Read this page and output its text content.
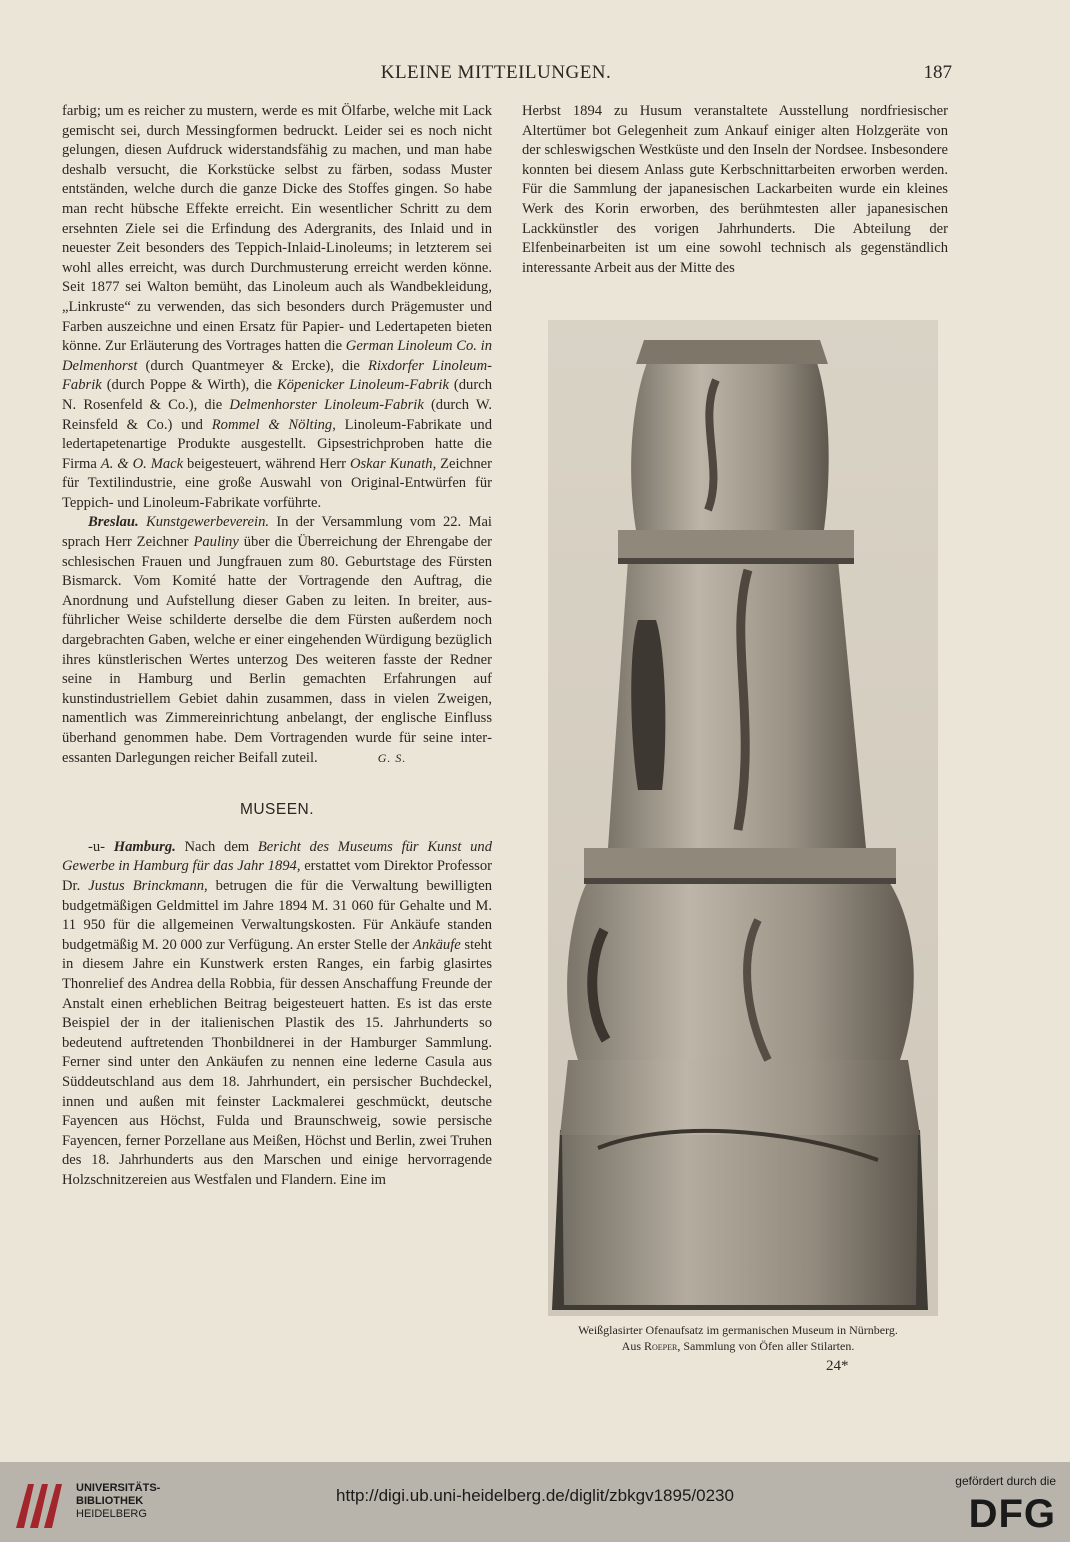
KLEINE MITTEILUNGEN.	187

farbig; um es reicher zu mustern, werde es mit Ölfarbe, welche mit Lack gemischt sei, durch Messingformen bedruckt. Leider sei es noch nicht gelungen, diesen Aufdruck widerstandsfähig zu machen, und man habe deshalb versucht, die Korkstücke selbst zu färben, sodass Muster entständen, welche durch die ganze Dicke des Stoffes gingen. So habe man recht hübsche Effekte erreicht. Ein wesentlicher Schritt zu dem ersehnten Ziele sei die Erfindung des Adergranits, des Inlaid und in neuester Zeit besonders des Teppich-Inlaid-Linoleums; in letzterem sei wohl alles erreicht, was durch Durchmusterung erreicht werden könne. Seit 1877 sei Walton bemüht, das Linoleum auch als Wandbekleidung, „Linkruste“ zu verwenden, das sich besonders durch Prägemuster und Farben auszeichne und einen Ersatz für Papier- und Ledertapeten bieten könne. Zur Erläuterung des Vortrages hatten die German Linoleum Co. in Delmenhorst (durch Quantmeyer & Ercke), die Rixdorfer Linoleum-Fabrik (durch Poppe & Wirth), die Köpenicker Linoleum-Fabrik (durch N. Rosenfeld & Co.), die Delmenhorster Linoleum-Fabrik (durch W. Reinsfeld & Co.) und Rommel & Nölting, Linoleum-Fabrikate und ledertapetenartige Produkte ausgestellt. Gipsestrichproben hatte die Firma A. & O. Mack beigesteuert, während Herr Oskar Kunath, Zeichner für Textilindustrie, eine große Auswahl von Original-Entwürfen für Teppich- und Linoleum-Fabrikate vorführte.

Breslau. Kunstgewerbeverein. In der Versammlung vom 22. Mai sprach Herr Zeichner Pauliny über die Überreichung der Ehrengabe der schlesischen Frauen und Jungfrauen zum 80. Geburtstage des Fürsten Bismarck. Vom Komité hatte der Vortragende den Auftrag, die Anordnung und Aufstellung dieser Gaben zu leiten. In breiter, ausführlicher Weise schilderte derselbe die dem Fürsten außerdem noch dargebrachten Gaben, welche er einer eingehenden Würdigung bezüglich ihres künstlerischen Wertes unterzog Des weiteren fasste der Redner seine in Hamburg und Berlin gemachten Erfahrungen auf kunstindustriellem Gebiet dahin zusammen, dass in vielen Zweigen, namentlich was Zimmereinrichtung anbelangt, der englische Einfluss überhand genommen habe. Dem Vortragenden wurde für seine interessanten Darlegungen reicher Beifall zuteil.	G. S.

MUSEEN.

-u- Hamburg. Nach dem Bericht des Museums für Kunst und Gewerbe in Hamburg für das Jahr 1894, erstattet vom Direktor Professor Dr. Justus Brinckmann, betrugen die für die Verwaltung bewilligten budgetmäßigen Geldmittel im Jahre 1894 M. 31 060 für Gehalte und M. 11 950 für die allgemeinen Verwaltungskosten. Für Ankäufe standen budgetmäßig M. 20 000 zur Verfügung. An erster Stelle der Ankäufe steht in diesem Jahre ein Kunstwerk ersten Ranges, ein farbig glasirtes Thonrelief des Andrea della Robbia, für dessen Anschaffung Freunde der Anstalt einen erheblichen Beitrag beigesteuert hatten. Es ist das erste Beispiel der in der italienischen Plastik des 15. Jahrhunderts so bedeutend auftretenden Thonbildnerei in der Hamburger Sammlung. Ferner sind unter den Ankäufen zu nennen eine lederne Casula aus Süddeutschland aus dem 18. Jahrhundert, ein persischer Buchdeckel, innen und außen mit feinster Lackmalerei geschmückt, deutsche Fayencen aus Höchst, Fulda und Braunschweig, sowie persische Fayencen, ferner Porzellane aus Meißen, Höchst und Berlin, zwei Truhen des 18. Jahrhunderts aus den Marschen und einige hervorragende Holzschnitzereien aus Westfalen und Flandern. Eine im

Herbst 1894 zu Husum veranstaltete Ausstellung nordfriesischer Altertümer bot Gelegenheit zum Ankauf einiger alten Holzgeräte von der schleswigschen Westküste und den Inseln der Nordsee. Insbesondere konnten bei diesem Anlass gute Kerbschnittarbeiten erworben werden. Für die Sammlung der japanesischen Lackarbeiten wurde ein kleines Werk des Korin erworben, des berühmtesten aller japanesischen Lackkünstler des vorigen Jahrhunderts. Die Abteilung der Elfenbeinarbeiten ist um eine sowohl technisch als gegenständlich interessante Arbeit aus der Mitte des

Weißglasirter Ofenaufsatz im germanischen Museum in Nürnberg.
Aus Roeper, Sammlung von Öfen aller Stilarten.
24*
UNIVERSITÄTS-
BIBLIOTHEK
HEIDELBERG
http://digi.ub.uni-heidelberg.de/diglit/zbkgv1895/0230
gefördert durch die
DFG
